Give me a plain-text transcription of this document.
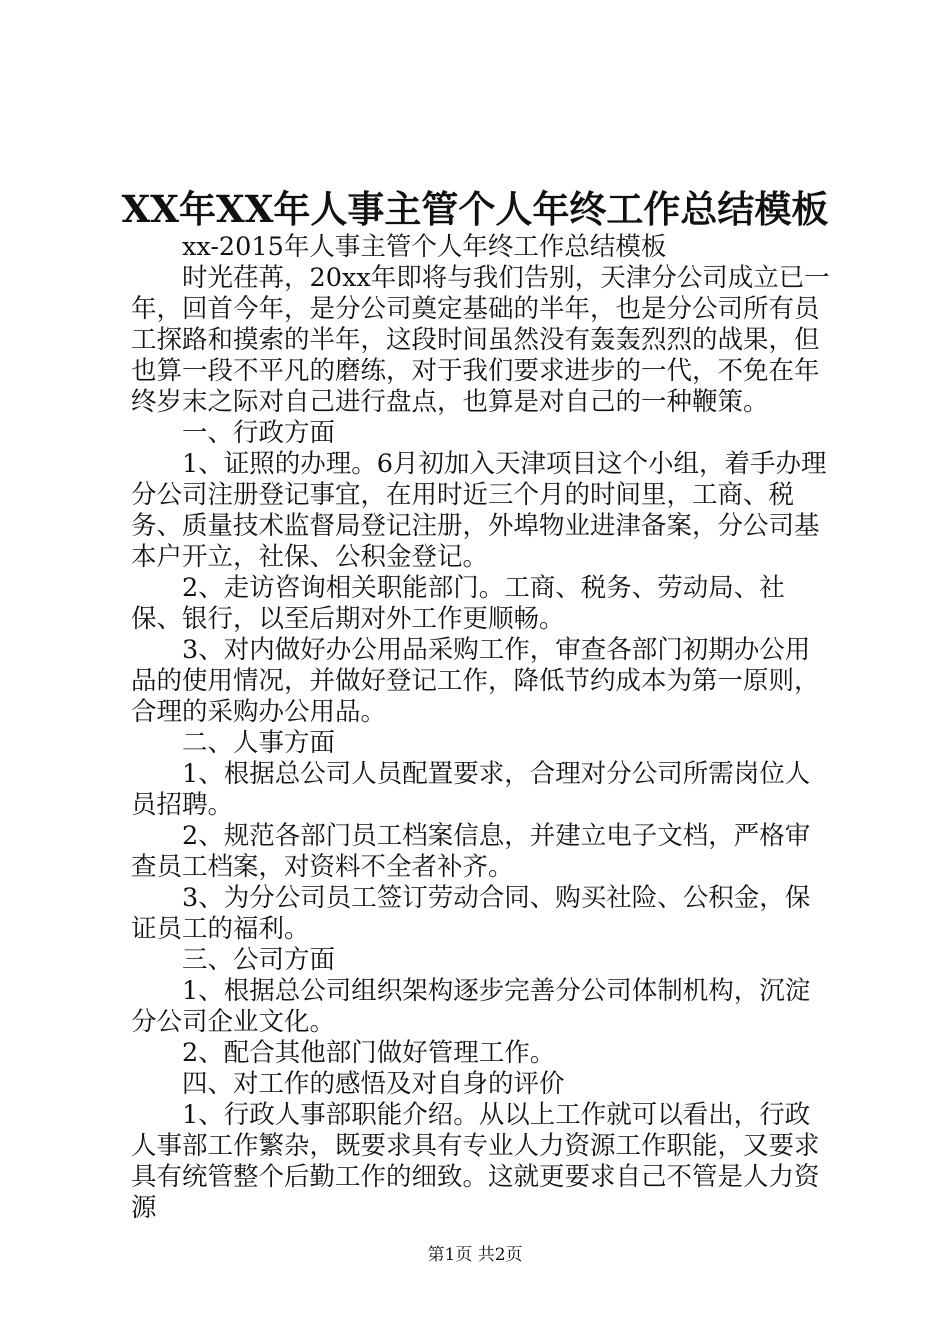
XX年XX年人事主管个人年终工作总结模板

xx-2015年人事主管个人年终工作总结模板

时光荏苒，20xx年即将与我们告别，天津分公司成立已一年，回首今年，是分公司奠定基础的半年，也是分公司所有员工探路和摸索的半年，这段时间虽然没有轰轰烈烈的战果，但也算一段不平凡的磨练，对于我们要求进步的一代，不免在年终岁末之际对自己进行盘点，也算是对自己的一种鞭策。

一、行政方面

1、证照的办理。6月初加入天津项目这个小组，着手办理分公司注册登记事宜，在用时近三个月的时间里，工商、税务、质量技术监督局登记注册，外埠物业进津备案，分公司基本户开立，社保、公积金登记。

2、走访咨询相关职能部门。工商、税务、劳动局、社保、银行，以至后期对外工作更顺畅。

3、对内做好办公用品采购工作，审查各部门初期办公用品的使用情况，并做好登记工作，降低节约成本为第一原则，合理的采购办公用品。

二、人事方面

1、根据总公司人员配置要求，合理对分公司所需岗位人员招聘。

2、规范各部门员工档案信息，并建立电子文档，严格审查员工档案，对资料不全者补齐。

3、为分公司员工签订劳动合同、购买社险、公积金，保证员工的福利。

三、公司方面

1、根据总公司组织架构逐步完善分公司体制机构，沉淀分公司企业文化。

2、配合其他部门做好管理工作。

四、对工作的感悟及对自身的评价

1、行政人事部职能介绍。从以上工作就可以看出，行政人事部工作繁杂，既要求具有专业人力资源工作职能，又要求具有统管整个后勤工作的细致。这就更要求自己不管是人力资源

第1页 共2页
